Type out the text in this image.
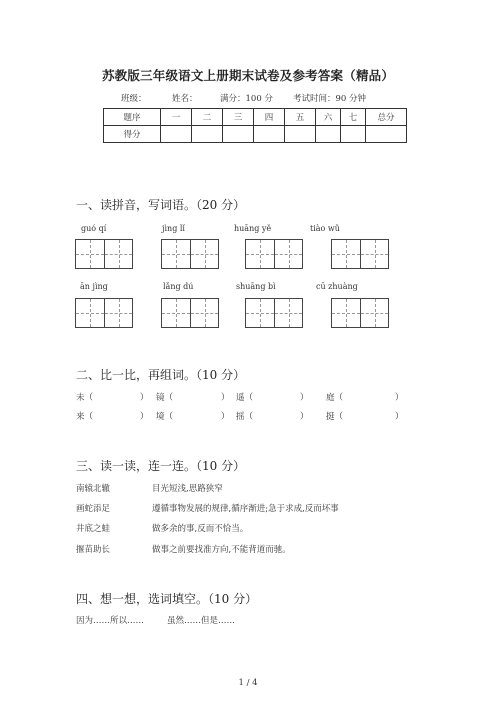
苏教版三年级语文上册期末试卷及参考答案（精品）
班级：	姓名：	满分：100 分 考试时间：90 分钟
题序	一	二	三	四	五	六	七	总分
得分								
一、读拼音，写词语。（20 分）
guó qí	jìng lǐ	huāng yě	tiào wǔ
ān jìng	lǎng dú	shuāng bì	cū zhuàng
二、比一比，再组词。（10 分）
未（	） 镜（	） 遥（	） 庭（	）
来（	） 境（	） 摇（	） 挺（	）
三、读一读，连一连。（10 分）
南辕北辙
画蛇添足
井底之蛙
揠苗助长
目光短浅,思路狭窄
遵循事物发展的规律,循序渐进;急于求成,反而坏事
做多余的事,反而不恰当。
做事之前要找准方向,不能背道而驰。
四、想一想，选词填空。（10 分）
因为……所以……	虽然……但是……
1 / 4
